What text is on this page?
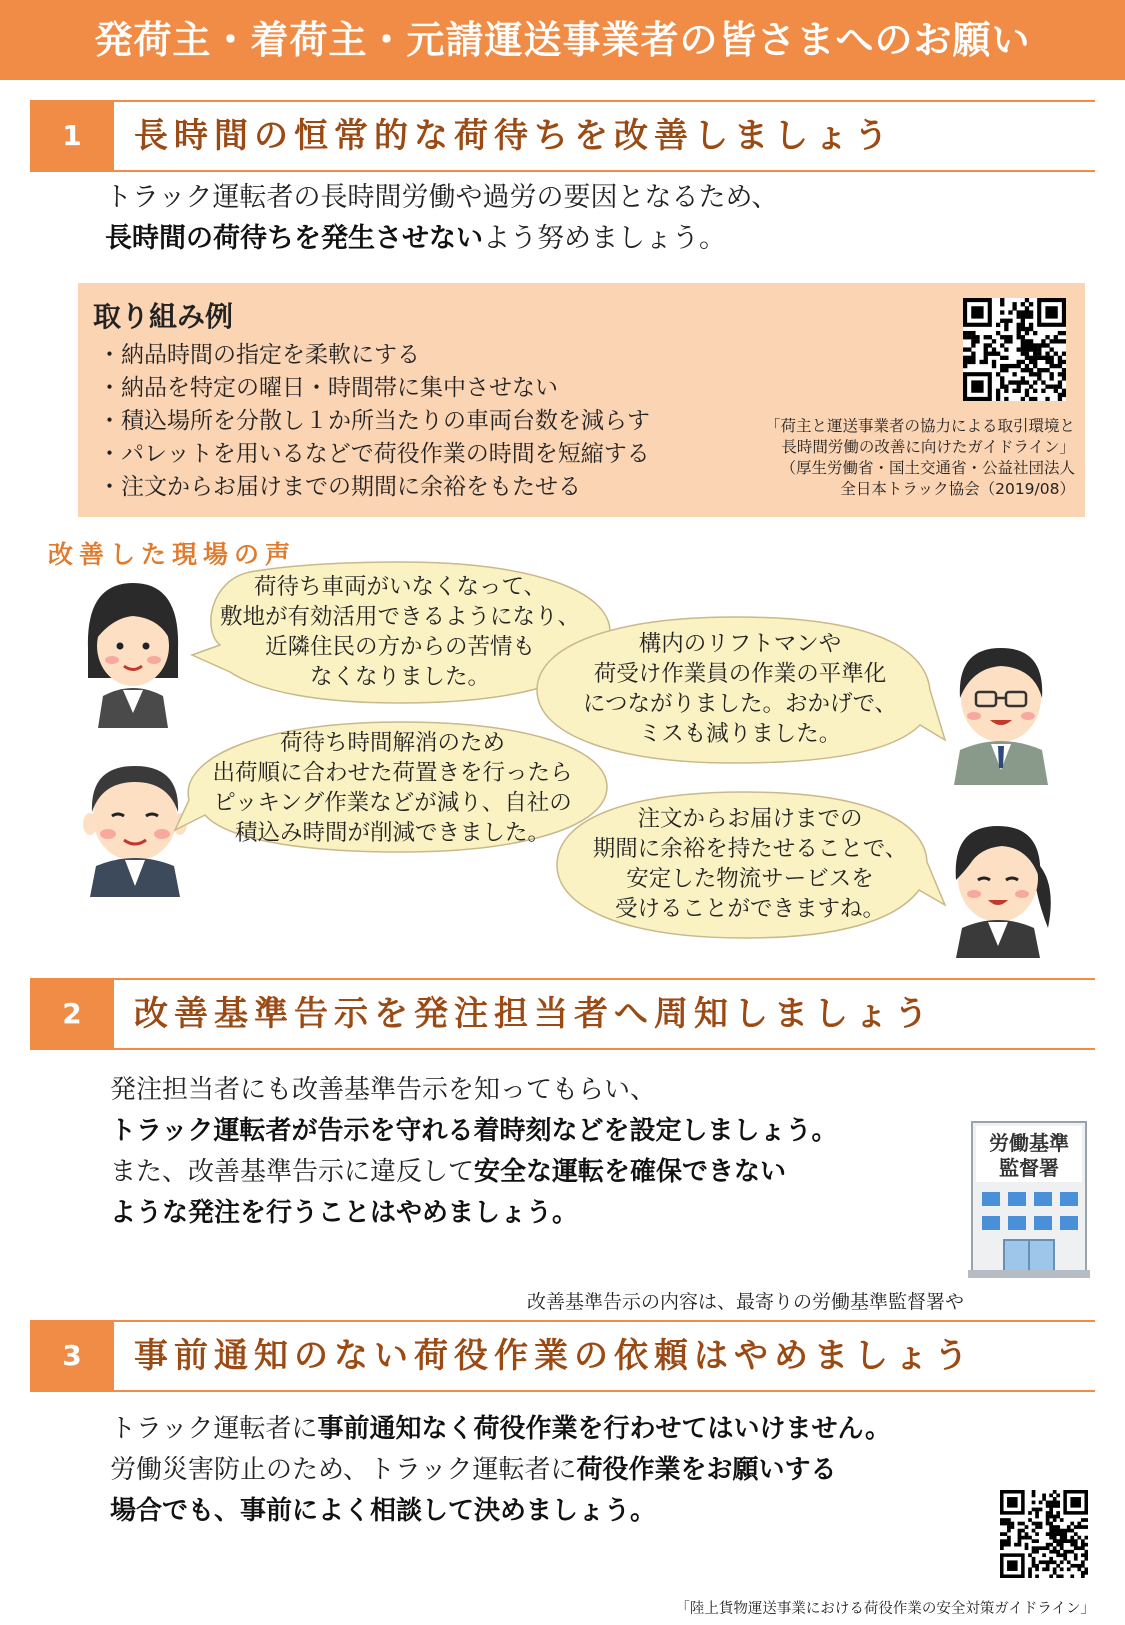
発荷主・着荷主・元請運送事業者の皆さまへのお願い
1	長時間の恒常的な荷待ちを改善しましょう
トラック運転者の長時間労働や過労の要因となるため、
長時間の荷待ちを発生させないよう努めましょう。
取り組み例
・納品時間の指定を柔軟にする
・納品を特定の曜日・時間帯に集中させない
・積込場所を分散し１か所当たりの車両台数を減らす
・パレットを用いるなどで荷役作業の時間を短縮する
・注文からお届けまでの期間に余裕をもたせる
「荷主と運送事業者の協力による取引環境と
長時間労働の改善に向けたガイドライン」
（厚生労働省・国土交通省・公益社団法人
全日本トラック協会（2019/08）
改善した現場の声
荷待ち車両がいなくなって、
敷地が有効活用できるようになり、
近隣住民の方からの苦情も
なくなりました。
構内のリフトマンや
荷受け作業員の作業の平準化
につながりました。おかげで、
ミスも減りました。
荷待ち時間解消のため
出荷順に合わせた荷置きを行ったら
ピッキング作業などが減り、自社の
積込み時間が削減できました。
注文からお届けまでの
期間に余裕を持たせることで、
安定した物流サービスを
受けることができますね。
2	改善基準告示を発注担当者へ周知しましょう
発注担当者にも改善基準告示を知ってもらい、
トラック運転者が告示を守れる着時刻などを設定しましょう。
また、改善基準告示に違反して安全な運転を確保できない
ような発注を行うことはやめましょう。
労働基準
監督署
改善基準告示の内容は、最寄りの労働基準監督署や
3	事前通知のない荷役作業の依頼はやめましょう
トラック運転者に事前通知なく荷役作業を行わせてはいけません。
労働災害防止のため、トラック運転者に荷役作業をお願いする
場合でも、事前によく相談して決めましょう。
「陸上貨物運送事業における荷役作業の安全対策ガイドライン」
